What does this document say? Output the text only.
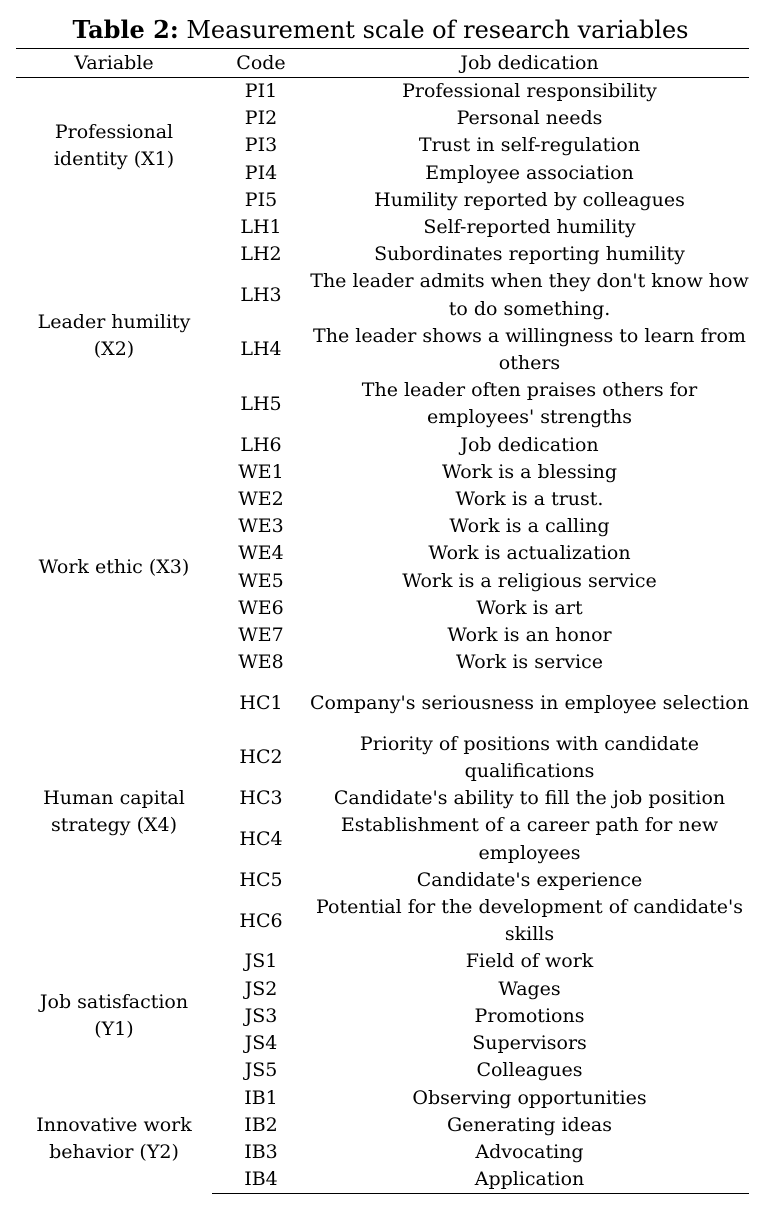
Table 2: Measurement scale of research variables
Variable	Code	Job dedication
Professional identity (X1)	PI1	Professional responsibility
	PI2	Personal needs
	PI3	Trust in self-regulation
	PI4	Employee association
	PI5	Humility reported by colleagues
Leader humility (X2)	LH1	Self-reported humility
	LH2	Subordinates reporting humility
	LH3	The leader admits when they don't know how to do something.
	LH4	The leader shows a willingness to learn from others
	LH5	The leader often praises others for employees' strengths
	LH6	Job dedication
Work ethic (X3)	WE1	Work is a blessing
	WE2	Work is a trust.
	WE3	Work is a calling
	WE4	Work is actualization
	WE5	Work is a religious service
	WE6	Work is art
	WE7	Work is an honor
	WE8	Work is service
Human capital strategy (X4)	HC1	Company's seriousness in employee selection
	HC2	Priority of positions with candidate qualifications
	HC3	Candidate's ability to fill the job position
	HC4	Establishment of a career path for new employees
	HC5	Candidate's experience
	HC6	Potential for the development of candidate's skills
Job satisfaction (Y1)	JS1	Field of work
	JS2	Wages
	JS3	Promotions
	JS4	Supervisors
	JS5	Colleagues
Innovative work behavior (Y2)	IB1	Observing opportunities
	IB2	Generating ideas
	IB3	Advocating
	IB4	Application
